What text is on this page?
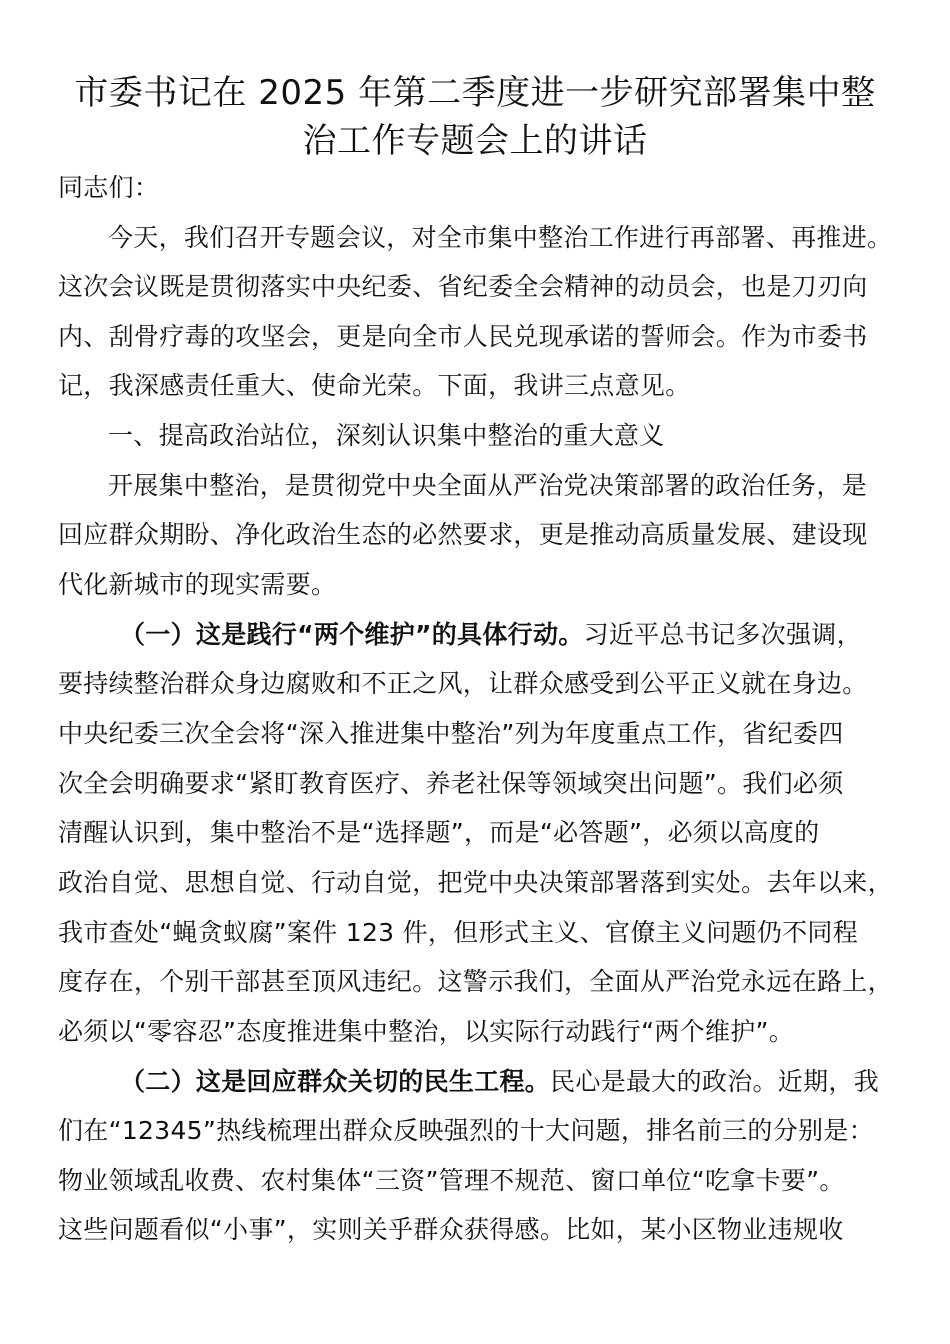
市委书记在 2025 年第二季度进一步研究部署集中整
治工作专题会上的讲话

同志们：

今天，我们召开专题会议，对全市集中整治工作进行再部署、再推进。

这次会议既是贯彻落实中央纪委、省纪委全会精神的动员会，也是刀刃向

内、刮骨疗毒的攻坚会，更是向全市人民兑现承诺的誓师会。作为市委书

记，我深感责任重大、使命光荣。下面，我讲三点意见。

一、提高政治站位，深刻认识集中整治的重大意义

开展集中整治，是贯彻党中央全面从严治党决策部署的政治任务，是

回应群众期盼、净化政治生态的必然要求，更是推动高质量发展、建设现

代化新城市的现实需要。

（一）这是践行“两个维护”的具体行动。习近平总书记多次强调，

要持续整治群众身边腐败和不正之风，让群众感受到公平正义就在身边。

中央纪委三次全会将“深入推进集中整治”列为年度重点工作，省纪委四

次全会明确要求“紧盯教育医疗、养老社保等领域突出问题”。我们必须

清醒认识到，集中整治不是“选择题”，而是“必答题”，必须以高度的

政治自觉、思想自觉、行动自觉，把党中央决策部署落到实处。去年以来，

我市查处“蝇贪蚁腐”案件 123 件，但形式主义、官僚主义问题仍不同程

度存在，个别干部甚至顶风违纪。这警示我们，全面从严治党永远在路上，

必须以“零容忍”态度推进集中整治，以实际行动践行“两个维护”。

（二）这是回应群众关切的民生工程。民心是最大的政治。近期，我

们在“12345”热线梳理出群众反映强烈的十大问题，排名前三的分别是：

物业领域乱收费、农村集体“三资”管理不规范、窗口单位“吃拿卡要”。

这些问题看似“小事”，实则关乎群众获得感。比如，某小区物业违规收
